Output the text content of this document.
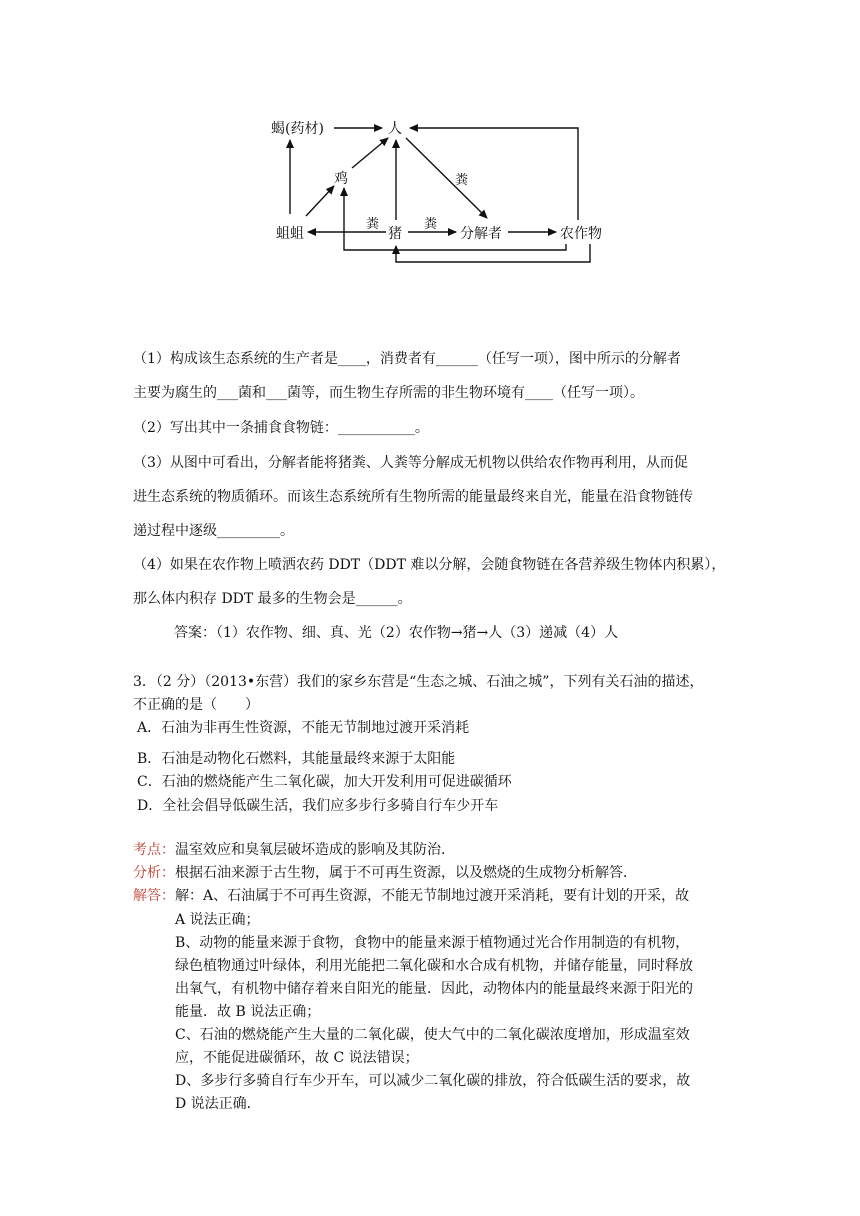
蝎(药材)	人
鸡
蛆蛆	猪	分解者	农作物
粪
粪	粪
（1）构成该生态系统的生产者是____，消费者有______（任写一项），图中所示的分解者
主要为腐生的___菌和___菌等，而生物生存所需的非生物环境有____（任写一项）。
（2）写出其中一条捕食食物链：___________。
（3）从图中可看出，分解者能将猪粪、人粪等分解成无机物以供给农作物再利用，从而促
进生态系统的物质循环。而该生态系统所有生物所需的能量最终来自光，能量在沿食物链传
递过程中逐级_________。
（4）如果在农作物上喷洒农药 DDT（DDT 难以分解，会随食物链在各营养级生物体内积累），
那么体内积存 DDT 最多的生物会是______。
答案：（1）农作物、细、真、光（2）农作物→猪→人（3）递减（4）人
3．（2 分）（2013•东营）我们的家乡东营是“生态之城、石油之城”，下列有关石油的描述，
不正确的是（　　）
A．石油为非再生性资源，不能无节制地过渡开采消耗
B．石油是动物化石燃料，其能量最终来源于太阳能
C．石油的燃烧能产生二氧化碳，加大开发利用可促进碳循环
D．全社会倡导低碳生活，我们应多步行多骑自行车少开车
考点：温室效应和臭氧层破坏造成的影响及其防治．
分析：根据石油来源于古生物，属于不可再生资源，以及燃烧的生成物分析解答．
解答： 解：A、石油属于不可再生资源，不能无节制地过渡开采消耗，要有计划的开采，故
A 说法正确；
B、动物的能量来源于食物，食物中的能量来源于植物通过光合作用制造的有机物，
绿色植物通过叶绿体，利用光能把二氧化碳和水合成有机物，并储存能量，同时释放
出氧气，有机物中储存着来自阳光的能量．因此，动物体内的能量最终来源于阳光的
能量．故 B 说法正确；
C、石油的燃烧能产生大量的二氧化碳，使大气中的二氧化碳浓度增加，形成温室效
应，不能促进碳循环，故 C 说法错误；
D、多步行多骑自行车少开车，可以减少二氧化碳的排放，符合低碳生活的要求，故
D 说法正确．
